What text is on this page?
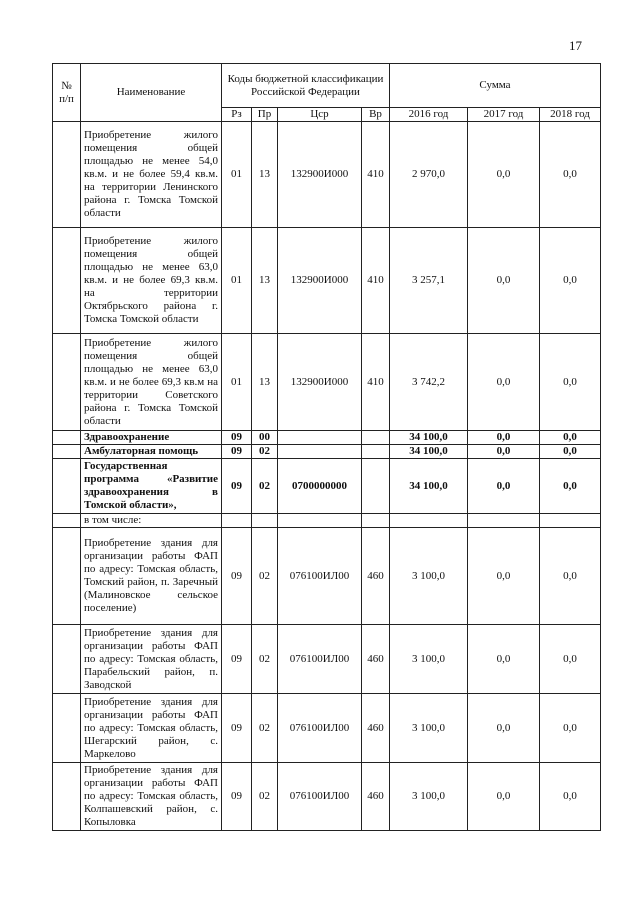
17
№
п/п	Наименование	Коды бюджетной классификации Российской Федерации				Сумма		
		Рз	Пр	Цср	Вр	2016 год	2017 год	2018 год
	Приобретение жилого помещения общей площадью не менее 54,0 кв.м. и не более 59,4 кв.м. на территории Ленинского района г. Томска Томской области	01	13	132900И000	410	2 970,0	0,0	0,0
	Приобретение жилого помещения общей площадью не менее 63,0 кв.м. и не более 69,3 кв.м. на территории Октябрьского района г. Томска Томской области	01	13	132900И000	410	3 257,1	0,0	0,0
	Приобретение жилого помещения общей площадью не менее 63,0 кв.м. и не более 69,3 кв.м на территории Советского района г. Томска Томской области	01	13	132900И000	410	3 742,2	0,0	0,0
	Здравоохранение	09	00			34 100,0	0,0	0,0
	Амбулаторная помощь	09	02			34 100,0	0,0	0,0
	Государственная программа «Развитие здравоохранения в Томской области»,	09	02	0700000000		34 100,0	0,0	0,0
	в том числе:							
	Приобретение здания для организации работы ФАП по адресу: Томская область, Томский район, п. Заречный (Малиновское сельское поселение)	09	02	076100ИЛ00	460	3 100,0	0,0	0,0
	Приобретение здания для организации работы ФАП по адресу: Томская область, Парабельский район, п. Заводской	09	02	076100ИЛ00	460	3 100,0	0,0	0,0
	Приобретение здания для организации работы ФАП по адресу: Томская область, Шегарский район, с. Маркелово	09	02	076100ИЛ00	460	3 100,0	0,0	0,0
	Приобретение здания для организации работы ФАП по адресу: Томская область, Колпашевский район, с. Копыловка	09	02	076100ИЛ00	460	3 100,0	0,0	0,0
